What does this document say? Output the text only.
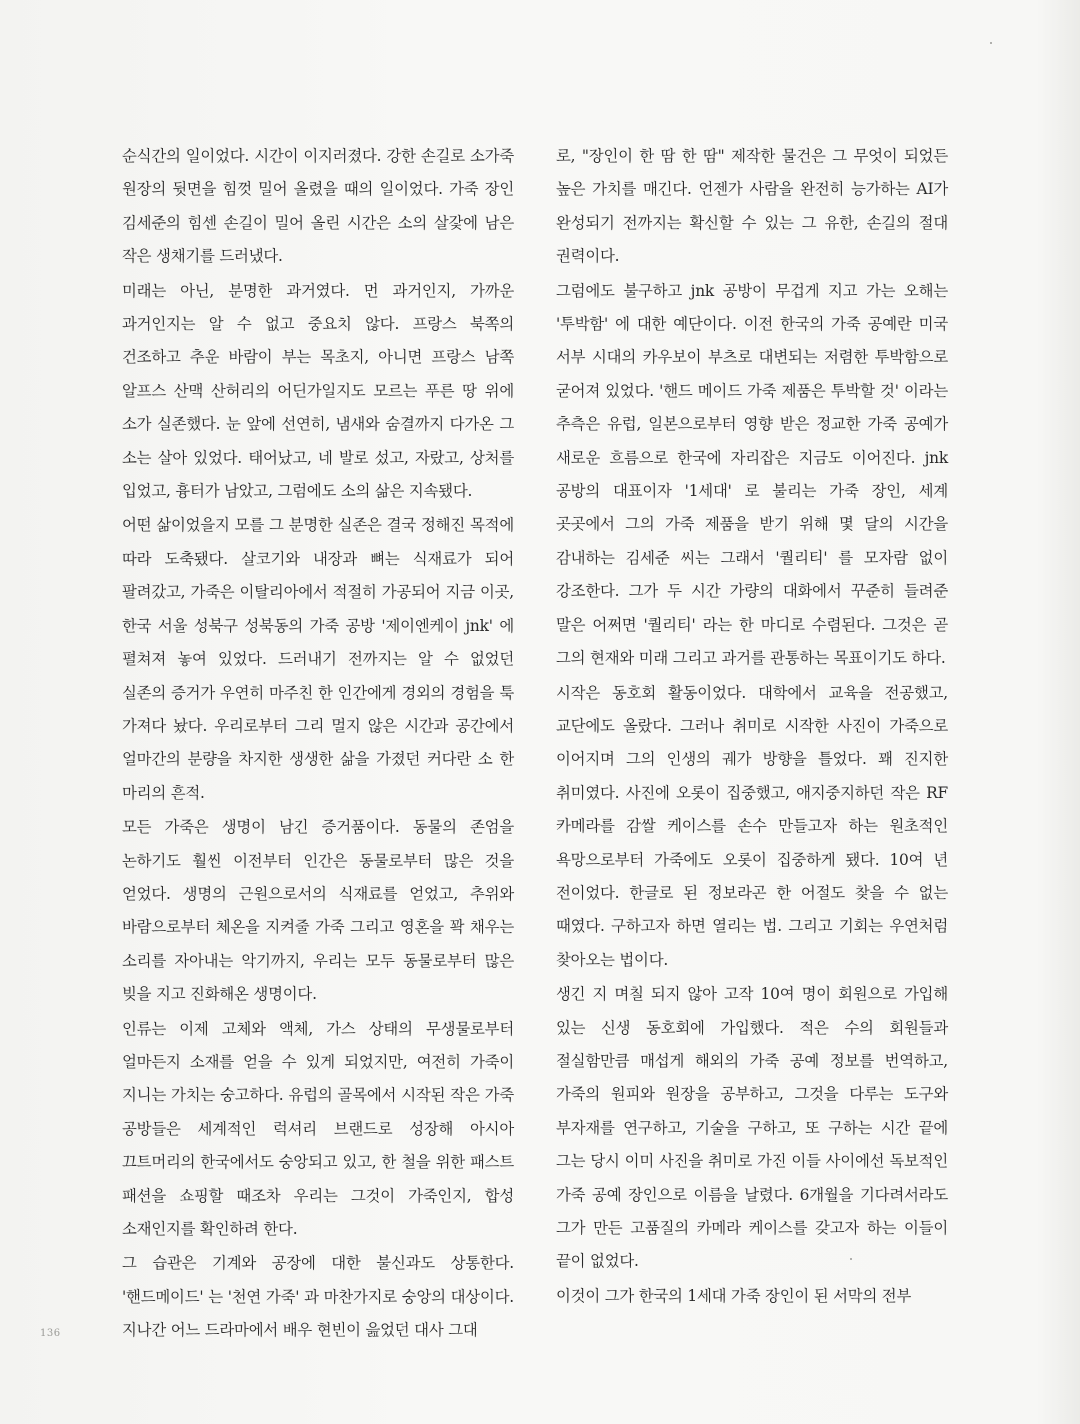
순식간의 일이었다. 시간이 이지러졌다. 강한 손길로 소가죽 원장의 뒷면을 힘껏 밀어 올렸을 때의 일이었다. 가죽 장인 김세준의 힘센 손길이 밀어 올린 시간은 소의 살갗에 남은 작은 생채기를 드러냈다.

미래는 아닌, 분명한 과거였다. 먼 과거인지, 가까운 과거인지는 알 수 없고 중요치 않다. 프랑스 북쪽의 건조하고 추운 바람이 부는 목초지, 아니면 프랑스 남쪽 알프스 산맥 산허리의 어딘가일지도 모르는 푸른 땅 위에 소가 실존했다. 눈 앞에 선연히, 냄새와 숨결까지 다가온 그 소는 살아 있었다. 태어났고, 네 발로 섰고, 자랐고, 상처를 입었고, 흉터가 남았고, 그럼에도 소의 삶은 지속됐다.

어떤 삶이었을지 모를 그 분명한 실존은 결국 정해진 목적에 따라 도축됐다. 살코기와 내장과 뼈는 식재료가 되어 팔려갔고, 가죽은 이탈리아에서 적절히 가공되어 지금 이곳, 한국 서울 성북구 성북동의 가죽 공방 '제이엔케이 jnk' 에 펼쳐져 놓여 있었다. 드러내기 전까지는 알 수 없었던 실존의 증거가 우연히 마주친 한 인간에게 경외의 경험을 툭 가져다 놨다. 우리로부터 그리 멀지 않은 시간과 공간에서 얼마간의 분량을 차지한 생생한 삶을 가졌던 커다란 소 한 마리의 흔적.

모든 가죽은 생명이 남긴 증거품이다. 동물의 존엄을 논하기도 훨씬 이전부터 인간은 동물로부터 많은 것을 얻었다. 생명의 근원으로서의 식재료를 얻었고, 추위와 바람으로부터 체온을 지켜줄 가죽 그리고 영혼을 꽉 채우는 소리를 자아내는 악기까지, 우리는 모두 동물로부터 많은 빚을 지고 진화해온 생명이다.

인류는 이제 고체와 액체, 가스 상태의 무생물로부터 얼마든지 소재를 얻을 수 있게 되었지만, 여전히 가죽이 지니는 가치는 숭고하다. 유럽의 골목에서 시작된 작은 가죽 공방들은 세계적인 럭셔리 브랜드로 성장해 아시아 끄트머리의 한국에서도 숭앙되고 있고, 한 철을 위한 패스트 패션을 쇼핑할 때조차 우리는 그것이 가죽인지, 합성 소재인지를 확인하려 한다.

그 습관은 기계와 공장에 대한 불신과도 상통한다. '핸드메이드' 는 '천연 가죽' 과 마찬가지로 숭앙의 대상이다. 지나간 어느 드라마에서 배우 현빈이 읊었던 대사 그대

로, "장인이 한 땀 한 땀" 제작한 물건은 그 무엇이 되었든 높은 가치를 매긴다. 언젠가 사람을 완전히 능가하는 AI가 완성되기 전까지는 확신할 수 있는 그 유한, 손길의 절대 권력이다.

그럼에도 불구하고 jnk 공방이 무겁게 지고 가는 오해는 '투박함' 에 대한 예단이다. 이전 한국의 가죽 공예란 미국 서부 시대의 카우보이 부츠로 대변되는 저렴한 투박함으로 굳어져 있었다. '핸드 메이드 가죽 제품은 투박할 것' 이라는 추측은 유럽, 일본으로부터 영향 받은 정교한 가죽 공예가 새로운 흐름으로 한국에 자리잡은 지금도 이어진다. jnk 공방의 대표이자 '1세대' 로 불리는 가죽 장인, 세계 곳곳에서 그의 가죽 제품을 받기 위해 몇 달의 시간을 감내하는 김세준 씨는 그래서 '퀄리티' 를 모자람 없이 강조한다. 그가 두 시간 가량의 대화에서 꾸준히 들려준 말은 어쩌면 '퀄리티' 라는 한 마디로 수렴된다. 그것은 곧 그의 현재와 미래 그리고 과거를 관통하는 목표이기도 하다.

시작은 동호회 활동이었다. 대학에서 교육을 전공했고, 교단에도 올랐다. 그러나 취미로 시작한 사진이 가죽으로 이어지며 그의 인생의 궤가 방향을 틀었다. 꽤 진지한 취미였다. 사진에 오롯이 집중했고, 애지중지하던 작은 RF 카메라를 감쌀 케이스를 손수 만들고자 하는 원초적인 욕망으로부터 가죽에도 오롯이 집중하게 됐다. 10여 년 전이었다. 한글로 된 정보라곤 한 어절도 찾을 수 없는 때였다. 구하고자 하면 열리는 법. 그리고 기회는 우연처럼 찾아오는 법이다.

생긴 지 며칠 되지 않아 고작 10여 명이 회원으로 가입해 있는 신생 동호회에 가입했다. 적은 수의 회원들과 절실함만큼 매섭게 해외의 가죽 공예 정보를 번역하고, 가죽의 원피와 원장을 공부하고, 그것을 다루는 도구와 부자재를 연구하고, 기술을 구하고, 또 구하는 시간 끝에 그는 당시 이미 사진을 취미로 가진 이들 사이에선 독보적인 가죽 공예 장인으로 이름을 날렸다. 6개월을 기다려서라도 그가 만든 고품질의 카메라 케이스를 갖고자 하는 이들이 끝이 없었다.

이것이 그가 한국의 1세대 가죽 장인이 된 서막의 전부

136
